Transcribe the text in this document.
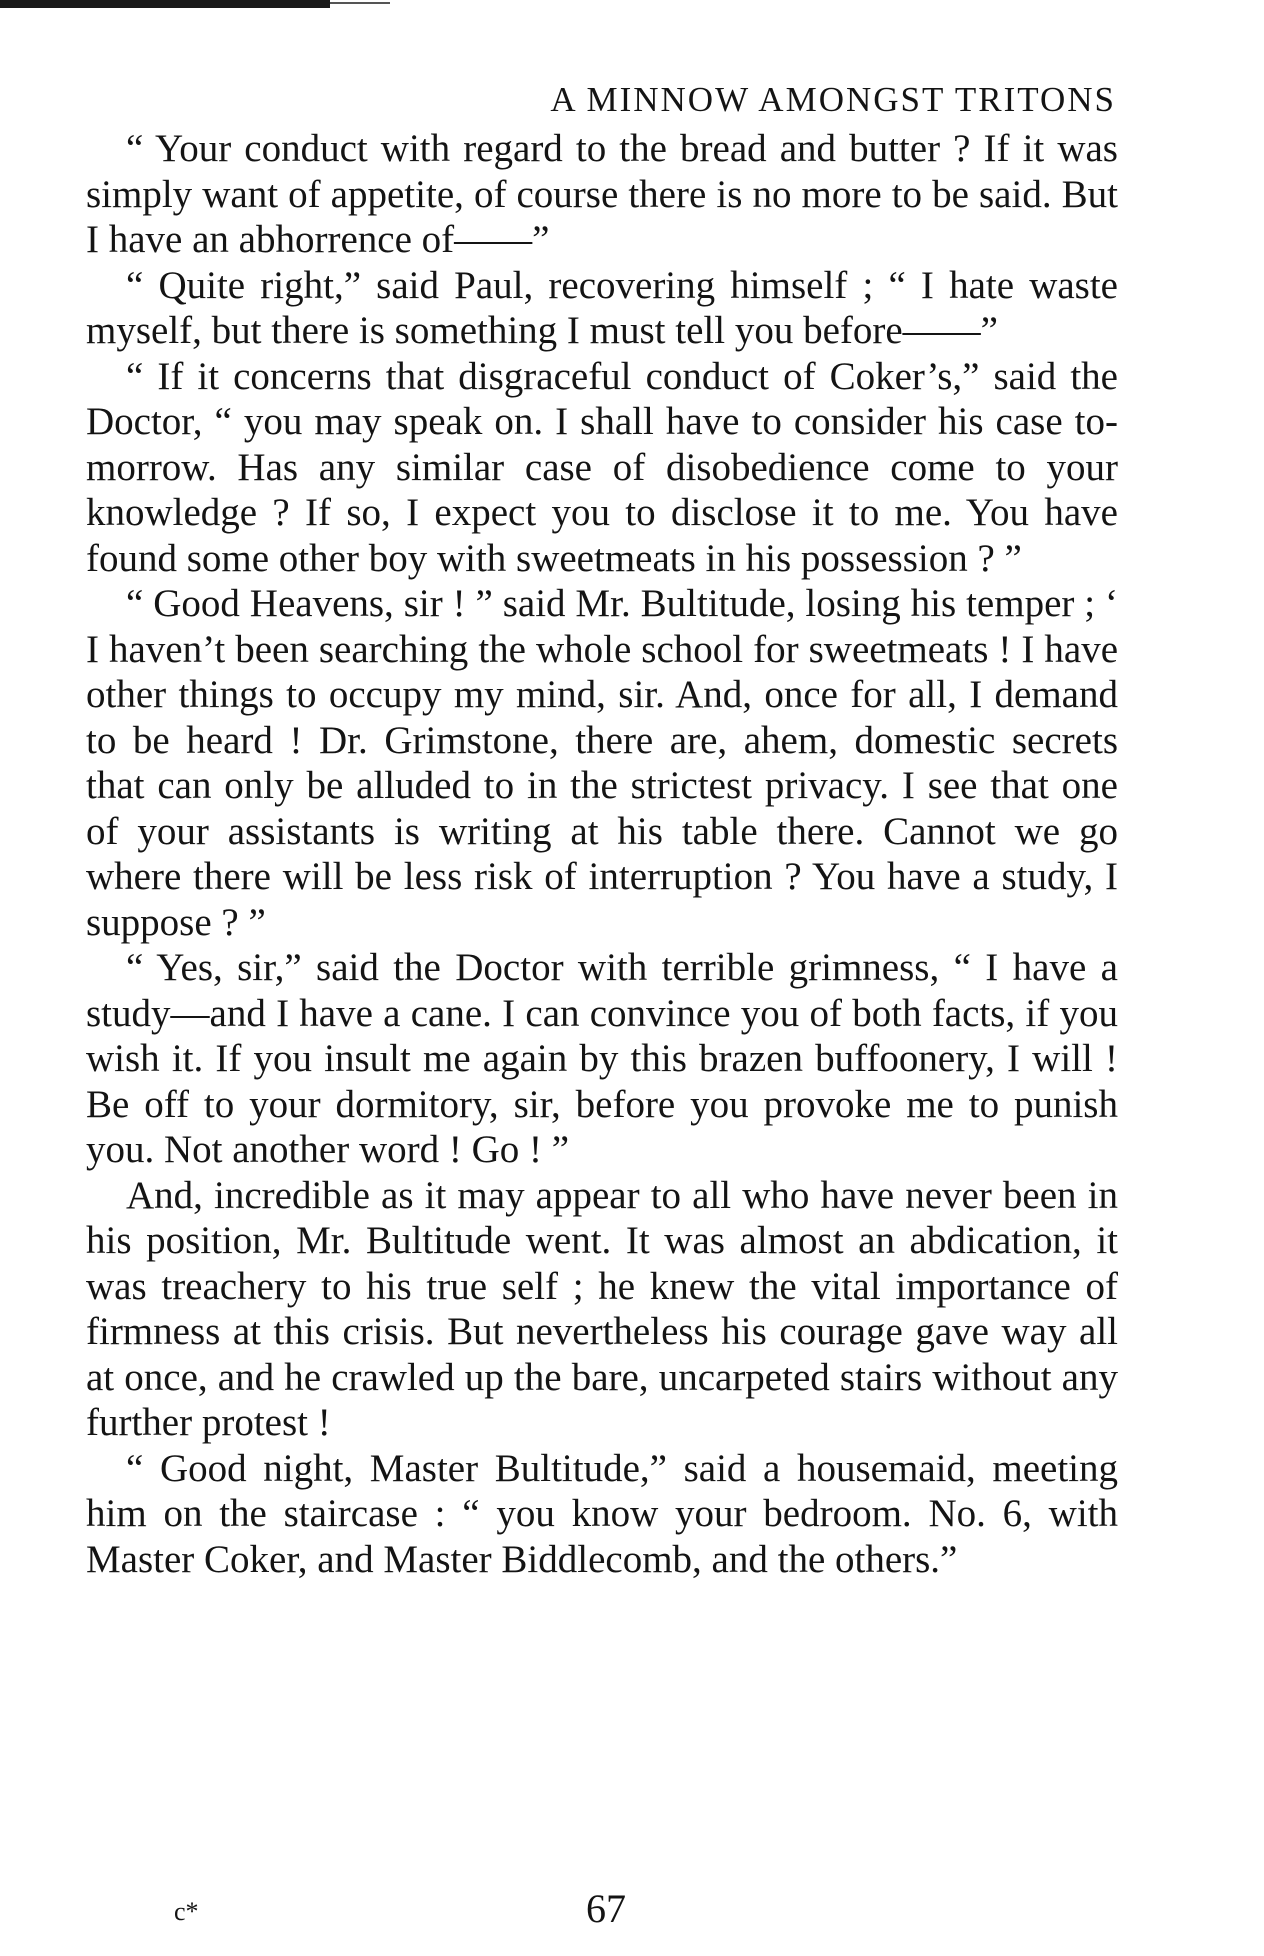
A MINNOW AMONGST TRITONS

“ Your conduct with regard to the bread and butter ? If it was simply want of appetite, of course there is no more to be said. But I have an abhorrence of——”

“ Quite right,” said Paul, recovering himself ; “ I hate waste myself, but there is something I must tell you before——”

“ If it concerns that disgraceful conduct of Coker’s,” said the Doctor, “ you may speak on. I shall have to consider his case to-morrow. Has any similar case of disobedience come to your knowledge ? If so, I expect you to disclose it to me. You have found some other boy with sweetmeats in his possession ? ”

“ Good Heavens, sir ! ” said Mr. Bultitude, losing his temper ; ‘ I haven’t been searching the whole school for sweetmeats ! I have other things to occupy my mind, sir. And, once for all, I demand to be heard ! Dr. Grimstone, there are, ahem, domestic secrets that can only be alluded to in the strictest privacy. I see that one of your assistants is writing at his table there. Cannot we go where there will be less risk of interruption ? You have a study, I suppose ? ”

“ Yes, sir,” said the Doctor with terrible grimness, “ I have a study—and I have a cane. I can convince you of both facts, if you wish it. If you insult me again by this brazen buffoonery, I will ! Be off to your dormitory, sir, before you provoke me to punish you. Not another word ! Go ! ”

And, incredible as it may appear to all who have never been in his position, Mr. Bultitude went. It was almost an abdication, it was treachery to his true self ; he knew the vital importance of firmness at this crisis. But nevertheless his courage gave way all at once, and he crawled up the bare, uncarpeted stairs without any further protest !

“ Good night, Master Bultitude,” said a housemaid, meeting him on the staircase : “ you know your bedroom. No. 6, with Master Coker, and Master Biddlecomb, and the others.”

c*	67
